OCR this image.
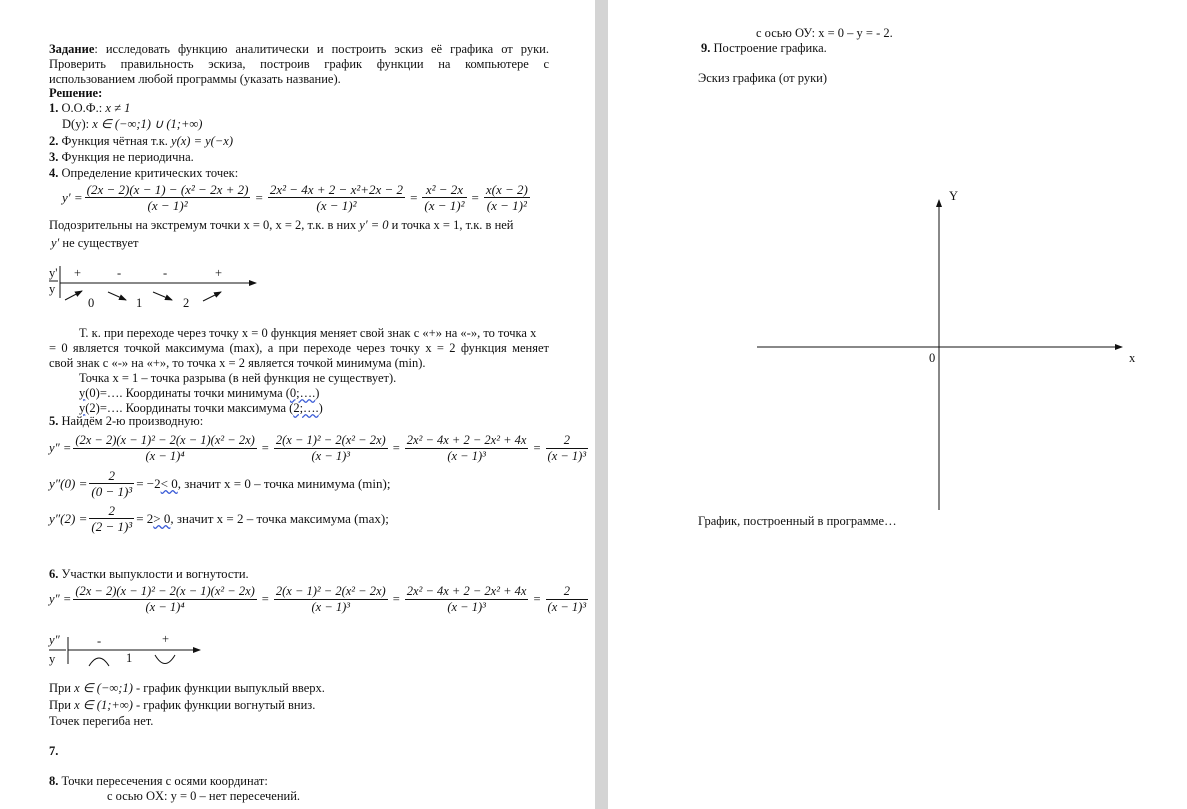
Задание: исследовать функцию аналитически и построить эскиз её графика от руки.
Проверить правильность эскиза, построив график функции на компьютере с
использованием любой программы (указать название).
Решение:
1. О.О.Ф.: x ≠ 1
D(y): x ∈ (−∞;1) ∪ (1;+∞)
2. Функция чётная т.к. y(x) = y(−x)
3. Функция не периодична.
4. Определение критических точек:
$y' = \frac{\text{(2x − 2)(x − 1) − (x² − 2x + 2)}}{\text{(x − 1)²}} = \frac{\text{2x² − 4x + 2 − x²+2x − 2}}{\text{(x − 1)²}} = \frac{\text{x² − 2x}}{\text{(x − 1)²}} = \frac{x(x - 2)}{\text{(x − 1)²}}$
Подозрительны на экстремум точки x = 0, x = 2, т.к. в них y′ = 0 и точка x = 1, т.к. в ней
y′ не существует
y'
y
+	-	-	+
0	1	2
Т. к. при переходе через точку x = 0 функция меняет свой знак с «+» на «-», то точка x
= 0 является точкой максимума (max), а при переходе через точку x = 2 функция меняет
свой знак с «-» на «+», то точка x = 2 является точкой минимума (min).
Точка x = 1 – точка разрыва (в ней функция не существует).
y(0)=…. Координаты точки минимума (0;….)
y(2)=…. Координаты точки максимума (2;….)
5. Найдём 2-ю производную:
$y'' = \frac{\text{(2x − 2)(x − 1)² − 2(x − 1)(x² − 2x)}}{\text{(x − 1)⁴}} = \frac{\text{2(x − 1)² − 2(x² − 2x)}}{\text{(x − 1)³}} = \frac{\text{2x² − 4x + 2 − 2x² + 4x}}{\text{(x − 1)³}} = \frac{2}{\text{(x − 1)³}}$
$y''(0) = \frac{2}{\text{(0 − 1)³}} = -2 < 0$ , значит x = 0 – точка минимума (min);
$y''(2) = \frac{2}{\text{(2 − 1)³}} = 2 > 0$ , значит x = 2 – точка максимума (max);
6. Участки выпуклости и вогнутости.
$y'' = \frac{\text{(2x − 2)(x − 1)² − 2(x − 1)(x² − 2x)}}{\text{(x − 1)⁴}} = \frac{\text{2(x − 1)² − 2(x² − 2x)}}{\text{(x − 1)³}} = \frac{\text{2x² − 4x + 2 − 2x² + 4x}}{\text{(x − 1)³}} = \frac{2}{\text{(x − 1)³}}$
y″
y
-	+
1
При x ∈ (−∞;1) - график функции выпуклый вверх.
При x ∈ (1;+∞) - график функции вогнутый вниз.
Точек перегиба нет.
7.
8. Точки пересечения с осями координат:
с осью OX: y = 0 – нет пересечений.
с осью ОУ: x = 0 – y = - 2.
9. Построение графика.
Эскиз графика (от руки)
Y
x
0
График, построенный в программе…
